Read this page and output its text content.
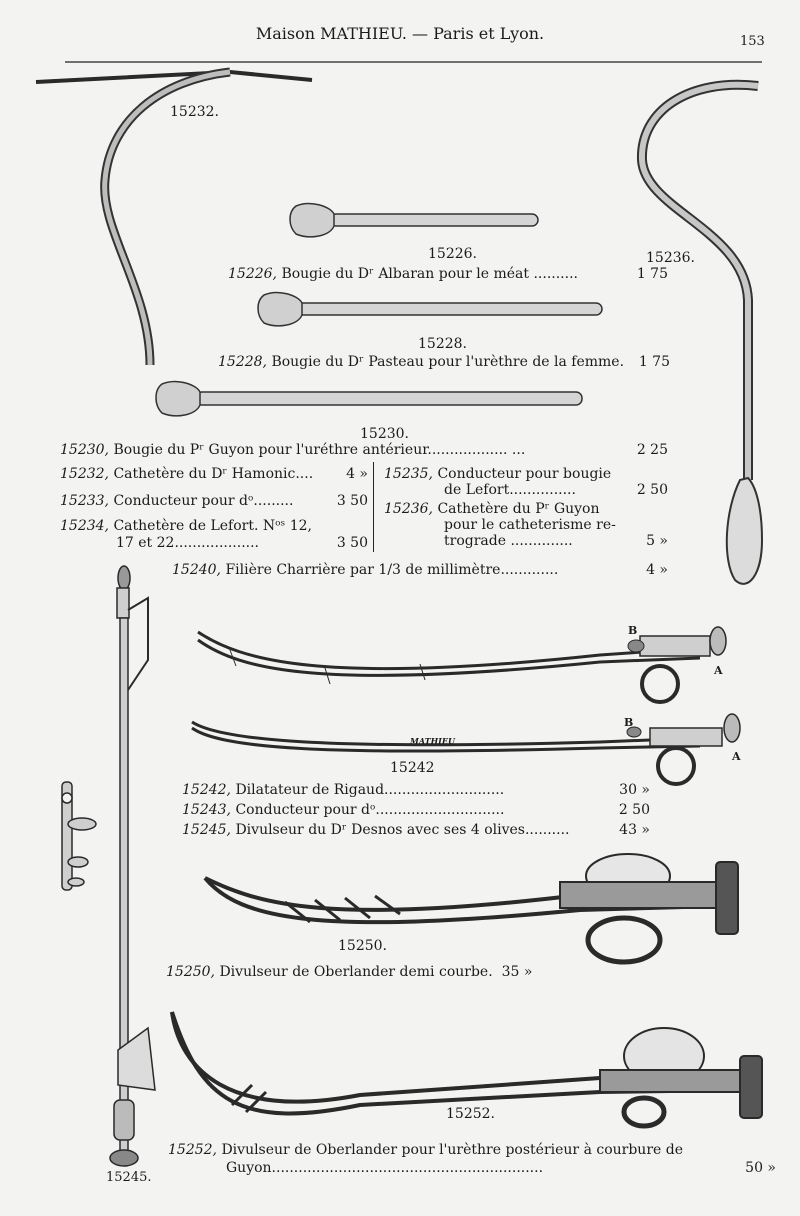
Maison MATHIEU. — Paris et Lyon.	153
15232.
15226.	15236.
15228.
15230.
15242
15250.
15252.
15245.
B
A
B
A
MATHIEU
15226,
Bougie du Dʳ Albaran pour le méat ..........	1 75
15228,
Bougie du Dʳ Pasteau pour l'urèthre de la femme.	1 75
15230,
Bougie du Pʳ Guyon pour l'uréthre antérieur.................. ...	2 25
15232,
Cathetère du Dʳ Hamonic....	4 »
15233,
Conducteur pour dᵒ.........	3 50
15234,
Cathetère de Lefort. Nᵒˢ 12,
17 et 22...................	3 50
15235,
Conducteur pour bougie
de Lefort...............	2 50
15236,
Cathetère du Pʳ Guyon
pour le catheterisme re-
trograde ..............	5 »
15240,
Filière Charrière par 1/3 de millimètre.............	4 »
15242,
Dilatateur de Rigaud...........................	30 »
15243,
Conducteur pour dᵒ.............................	2 50
15245,
Divulseur du Dʳ Desnos avec ses 4 olives..........	43 »
15250,
Divulseur de Oberlander demi courbe.
35 »
15252,
Divulseur de Oberlander pour l'urèthre postérieur à courbure de
Guyon.............................................................	50 »
